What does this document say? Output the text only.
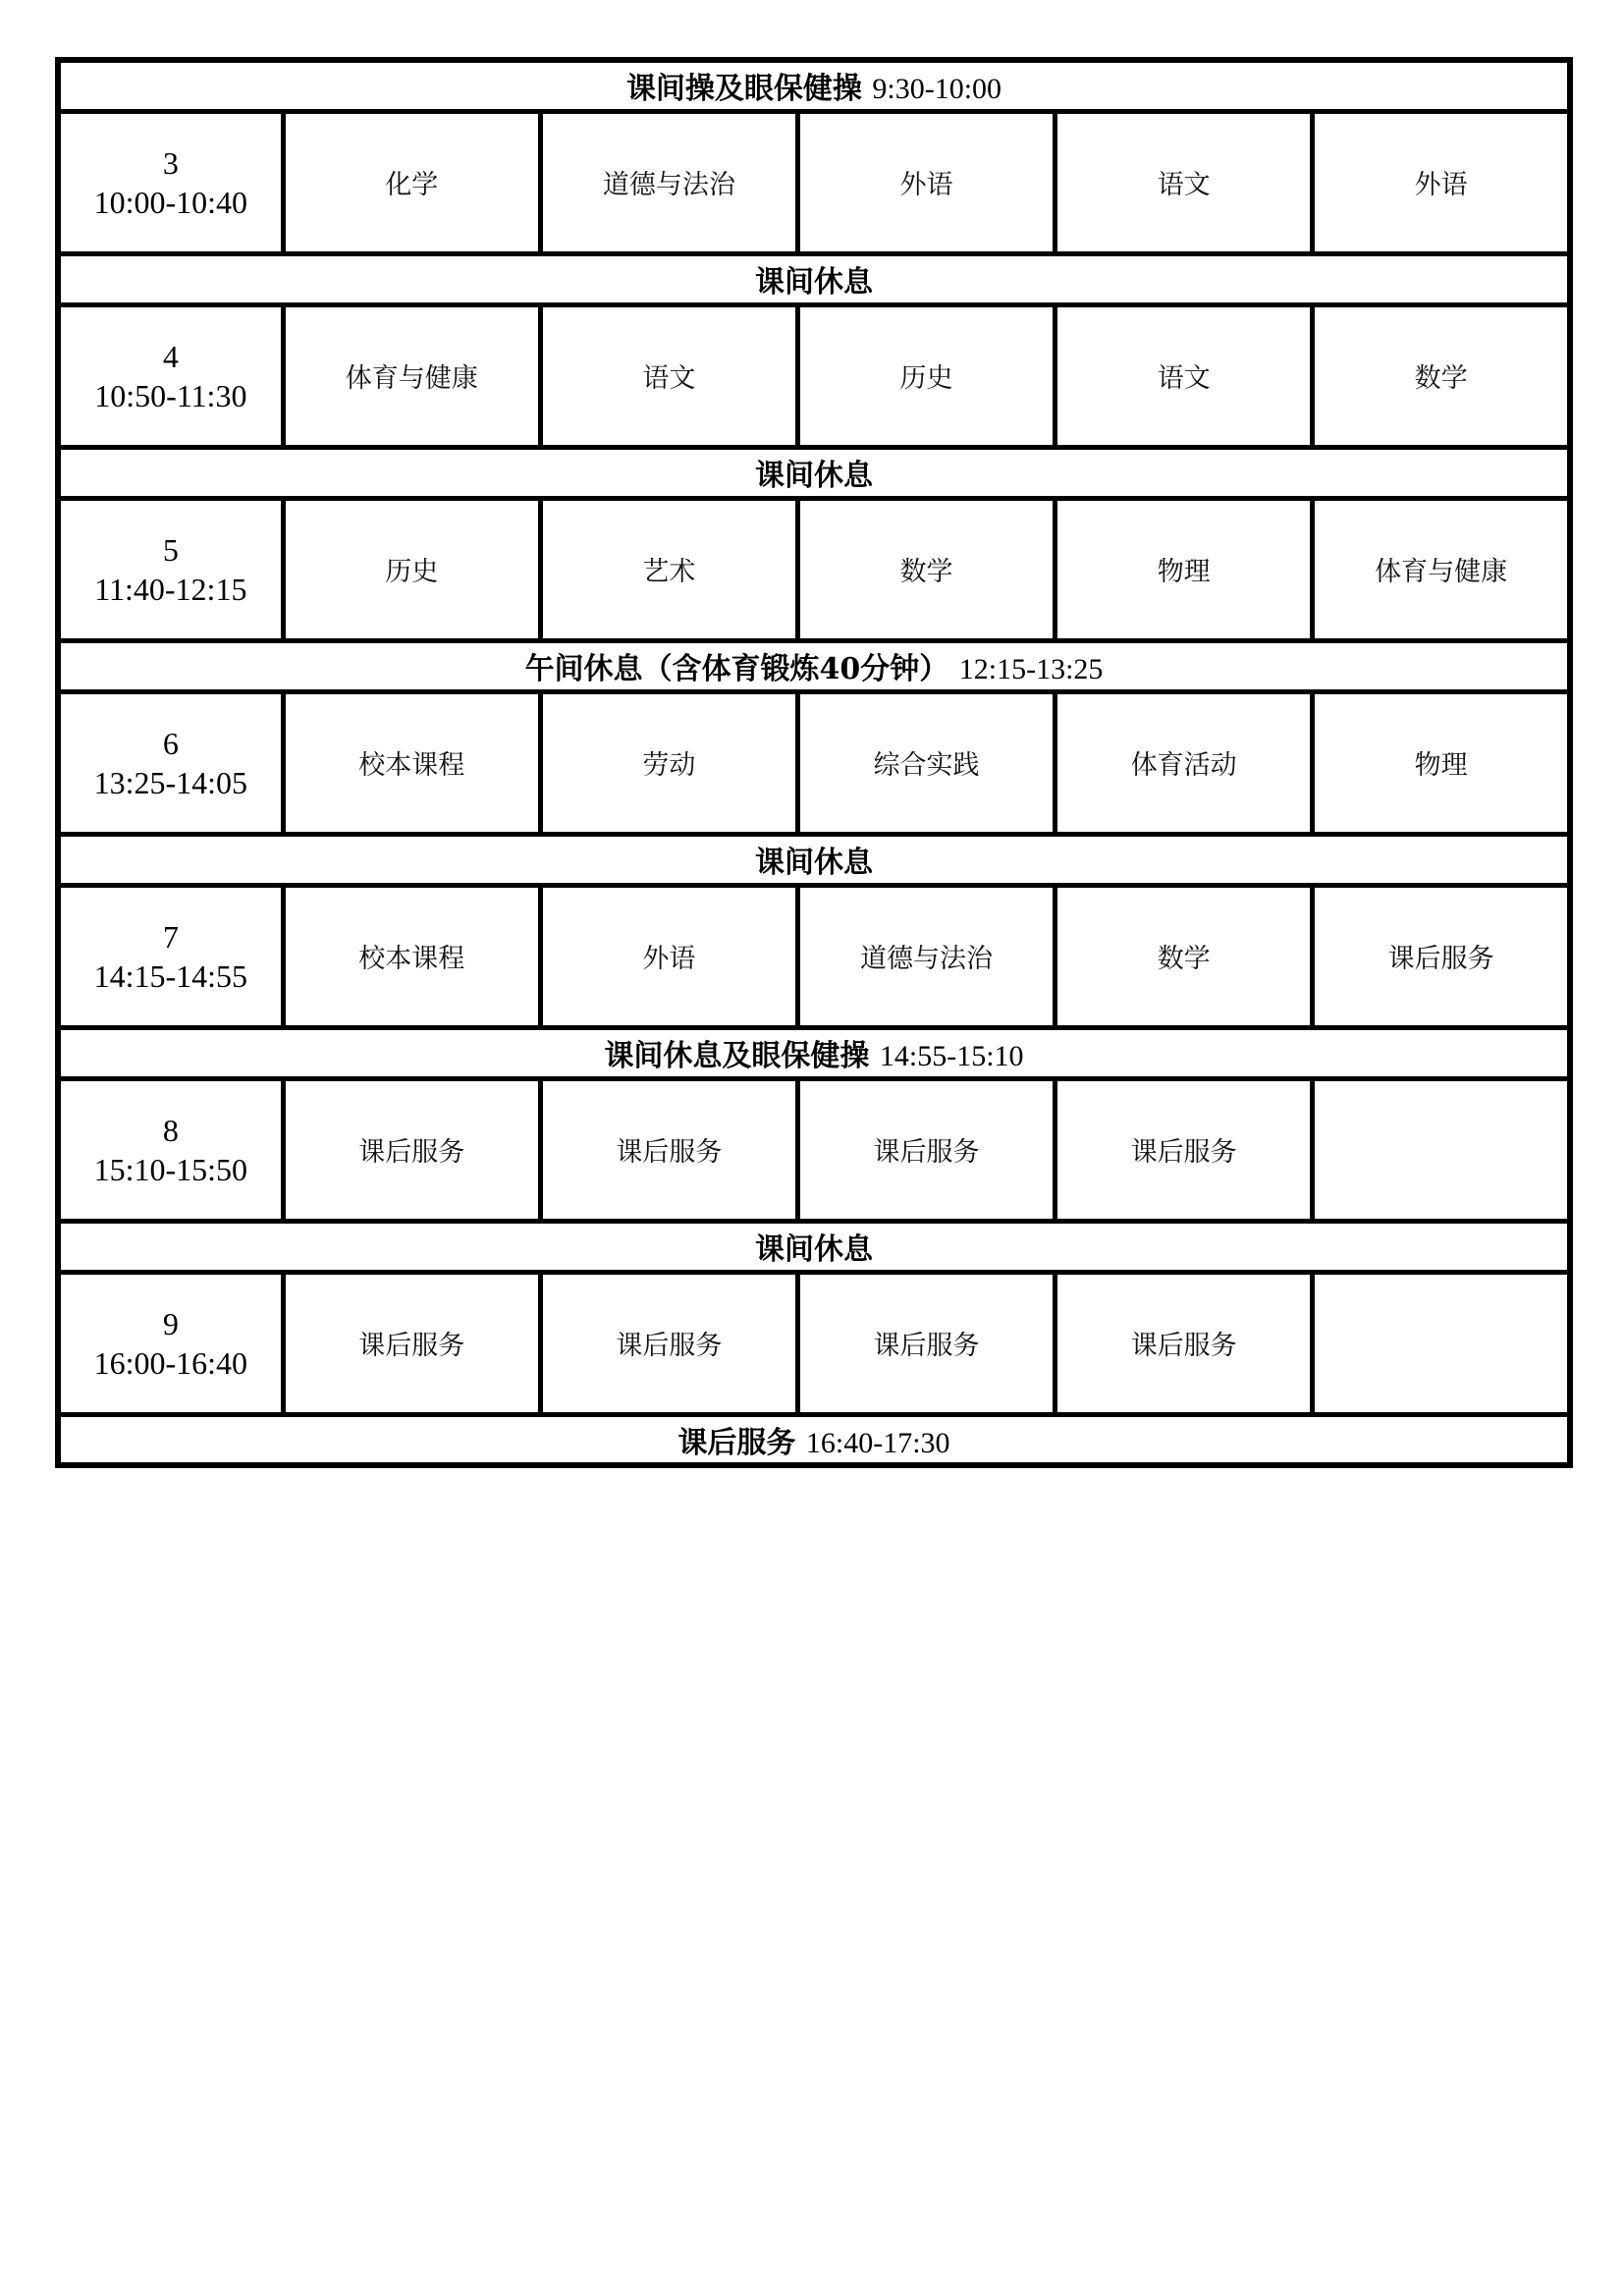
课间操及眼保健操 9:30-10:00					

3
10:00-10:40	化学	道德与法治	外语	语文	外语
课间休息					

4
10:50-11:30	体育与健康	语文	历史	语文	数学
课间休息					

5
11:40-12:15	历史	艺术	数学	物理	体育与健康
午间休息（含体育锻炼40分钟） 12:15-13:25					

6
13:25-14:05	校本课程	劳动	综合实践	体育活动	物理
课间休息					

7
14:15-14:55	校本课程	外语	道德与法治	数学	课后服务
课间休息及眼保健操 14:55-15:10					

8
15:10-15:50	课后服务	课后服务	课后服务	课后服务	
课间休息					

9
16:00-16:40	课后服务	课后服务	课后服务	课后服务	
课后服务 16:40-17:30					
